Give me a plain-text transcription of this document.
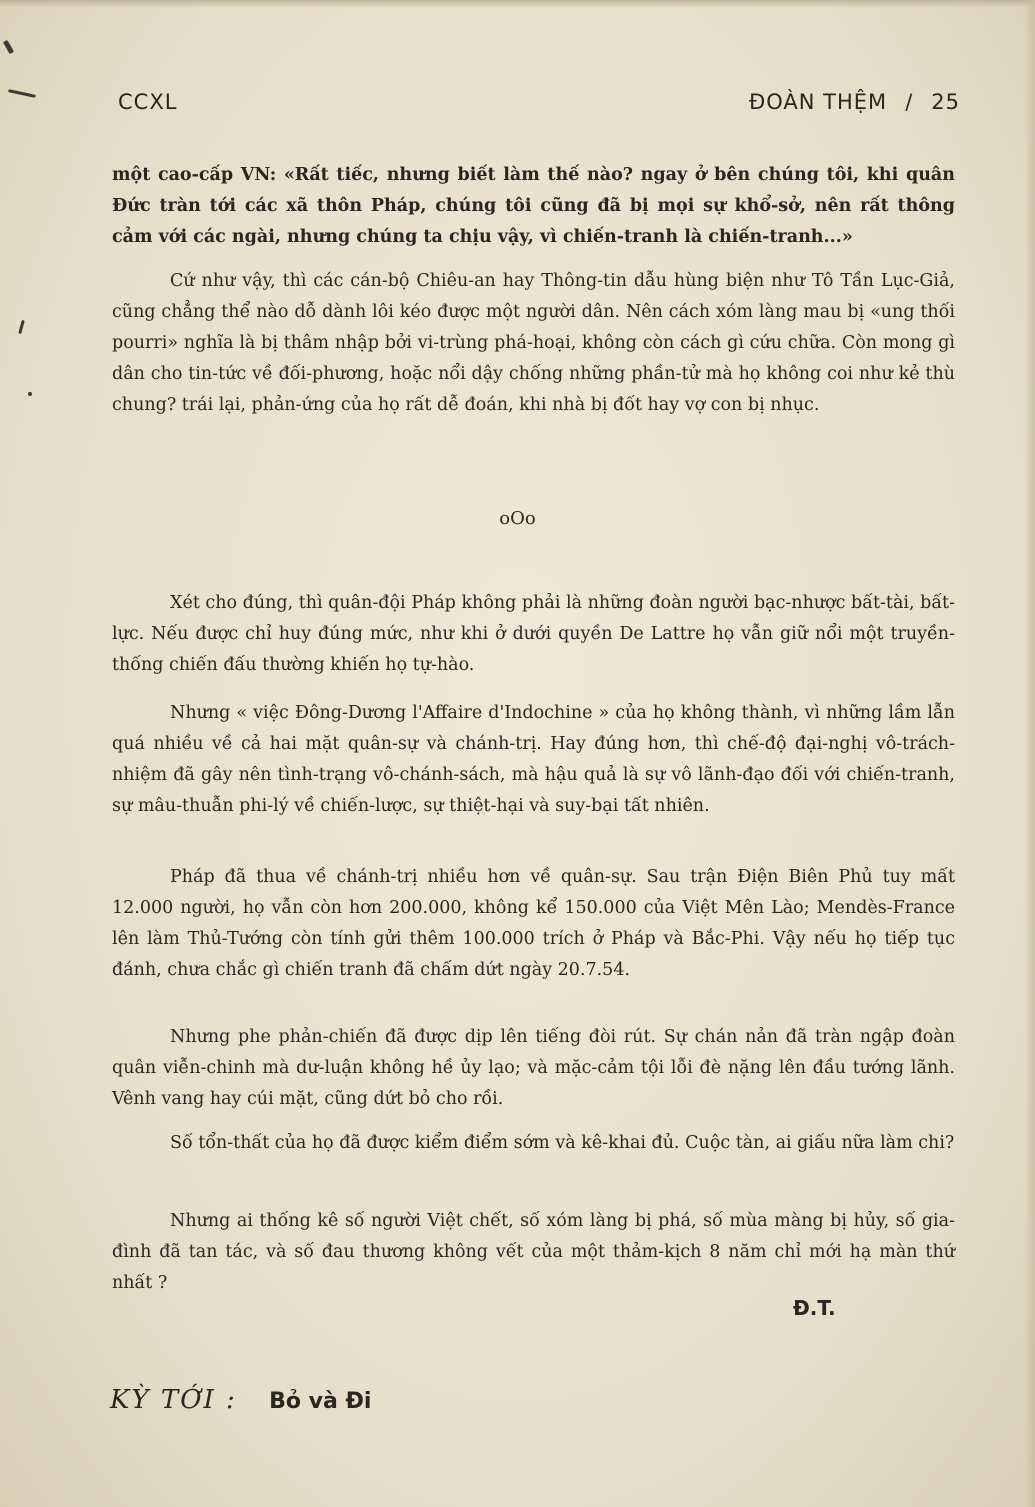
CCXL	ĐOÀN THỆM / 25

một cao-cấp VN: «Rất tiếc, nhưng biết làm thế nào? ngay ở bên chúng tôi, khi quân Đức tràn tới các xã thôn Pháp, chúng tôi cũng đã bị mọi sự khổ-sở, nên rất thông cảm với các ngài, nhưng chúng ta chịu vậy, vì chiến-tranh là chiến-tranh...»

Cứ như vậy, thì các cán-bộ Chiêu-an hay Thông-tin dẫu hùng biện như Tô Tần Lục-Giả, cũng chẳng thể nào dỗ dành lôi kéo được một người dân. Nên cách xóm làng mau bị «ung thối pourri» nghĩa là bị thâm nhập bởi vi-trùng phá-hoại, không còn cách gì cứu chữa. Còn mong gì dân cho tin-tức về đối-phương, hoặc nổi dậy chống những phần-tử mà họ không coi như kẻ thù chung? trái lại, phản-ứng của họ rất dễ đoán, khi nhà bị đốt hay vợ con bị nhục.

oOo

Xét cho đúng, thì quân-đội Pháp không phải là những đoàn người bạc-nhược bất-tài, bất-lực. Nếu được chỉ huy đúng mức, như khi ở dưới quyền De Lattre họ vẫn giữ nổi một truyền-thống chiến đấu thường khiến họ tự-hào.

Nhưng « việc Đông-Dương l'Affaire d'Indochine » của họ không thành, vì những lầm lẫn quá nhiều về cả hai mặt quân-sự và chánh-trị. Hay đúng hơn, thì chế-độ đại-nghị vô-trách-nhiệm đã gây nên tình-trạng vô-chánh-sách, mà hậu quả là sự vô lãnh-đạo đối với chiến-tranh, sự mâu-thuẫn phi-lý về chiến-lược, sự thiệt-hại và suy-bại tất nhiên.

Pháp đã thua về chánh-trị nhiều hơn về quân-sự. Sau trận Điện Biên Phủ tuy mất 12.000 người, họ vẫn còn hơn 200.000, không kể 150.000 của Việt Mên Lào; Mendès-France lên làm Thủ-Tướng còn tính gửi thêm 100.000 trích ở Pháp và Bắc-Phi. Vậy nếu họ tiếp tục đánh, chưa chắc gì chiến tranh đã chấm dứt ngày 20.7.54.

Nhưng phe phản-chiến đã được dịp lên tiếng đòi rút. Sự chán nản đã tràn ngập đoàn quân viễn-chinh mà dư-luận không hề ủy lạo; và mặc-cảm tội lỗi đè nặng lên đầu tướng lãnh. Vênh vang hay cúi mặt, cũng dứt bỏ cho rồi.

Số tổn-thất của họ đã được kiểm điểm sớm và kê-khai đủ. Cuộc tàn, ai giấu nữa làm chi?

Nhưng ai thống kê số người Việt chết, số xóm làng bị phá, số mùa màng bị hủy, số gia-đình đã tan tác, và số đau thương không vết của một thảm-kịch 8 năm chỉ mới hạ màn thứ nhất ?

Đ.T.
KỲ TỚI : Bỏ và Đi
